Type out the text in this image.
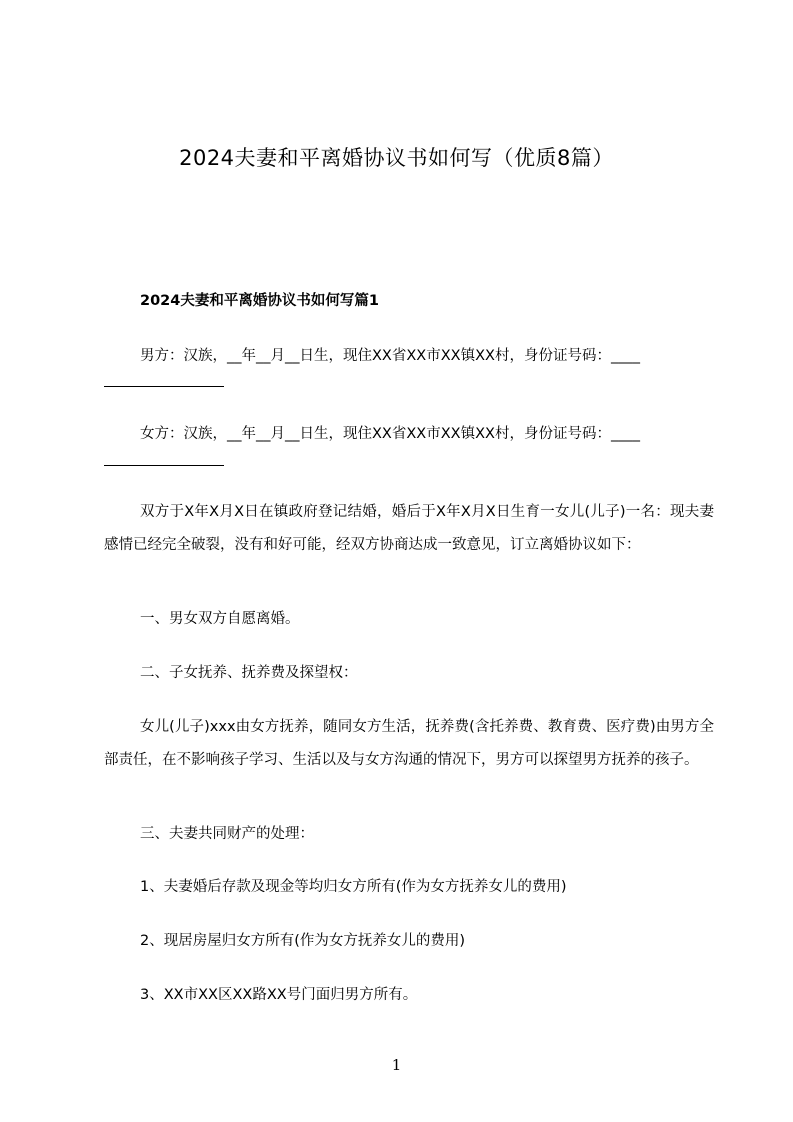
2024夫妻和平离婚协议书如何写（优质8篇）
2024夫妻和平离婚协议书如何写篇1
男方：汉族，__年__月__日生，现住XX省XX市XX镇XX村，身份证号码：____
女方：汉族，__年__月__日生，现住XX省XX市XX镇XX村，身份证号码：____
双方于X年X月X日在镇政府登记结婚，婚后于X年X月X日生育一女儿(儿子)一名：现夫妻感情已经完全破裂，没有和好可能，经双方协商达成一致意见，订立离婚协议如下：
一、男女双方自愿离婚。
二、子女抚养、抚养费及探望权：
女儿(儿子)xxx由女方抚养，随同女方生活，抚养费(含托养费、教育费、医疗费)由男方全部责任，在不影响孩子学习、生活以及与女方沟通的情况下，男方可以探望男方抚养的孩子。
三、夫妻共同财产的处理：
1、夫妻婚后存款及现金等均归女方所有(作为女方抚养女儿的费用)
2、现居房屋归女方所有(作为女方抚养女儿的费用)
3、XX市XX区XX路XX号门面归男方所有。
1
